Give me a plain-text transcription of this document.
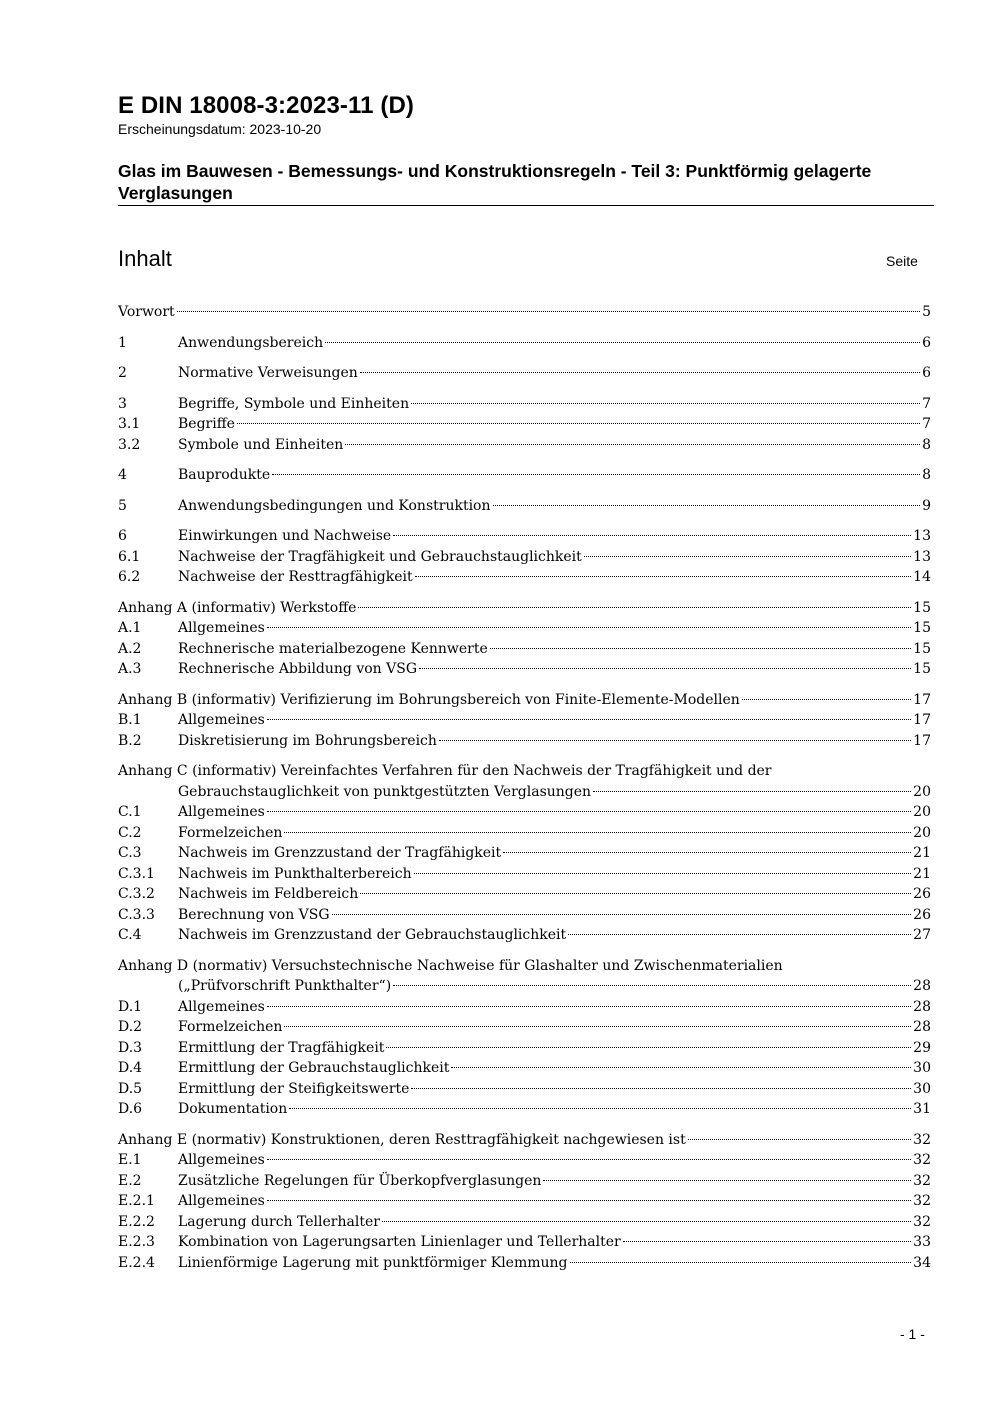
E DIN 18008-3:2023-11 (D)
Erscheinungsdatum: 2023-10-20
Glas im Bauwesen - Bemessungs- und Konstruktionsregeln - Teil 3: Punktförmig gelagerte Verglasungen
Inhalt	Seite
Vorwort	5
1	Anwendungsbereich	6
2	Normative Verweisungen	6
3	Begriffe, Symbole und Einheiten	7
3.1	Begriffe	7
3.2	Symbole und Einheiten	8
4	Bauprodukte	8
5	Anwendungsbedingungen und Konstruktion	9
6	Einwirkungen und Nachweise	13
6.1	Nachweise der Tragfähigkeit und Gebrauchstauglichkeit	13
6.2	Nachweise der Resttragfähigkeit	14
Anhang A (informativ) Werkstoffe	15
A.1	Allgemeines	15
A.2	Rechnerische materialbezogene Kennwerte	15
A.3	Rechnerische Abbildung von VSG	15
Anhang B (informativ) Verifizierung im Bohrungsbereich von Finite-Elemente-Modellen	17
B.1	Allgemeines	17
B.2	Diskretisierung im Bohrungsbereich	17
Anhang C (informativ) Vereinfachtes Verfahren für den Nachweis der Tragfähigkeit und der
Gebrauchstauglichkeit von punktgestützten Verglasungen	20
C.1	Allgemeines	20
C.2	Formelzeichen	20
C.3	Nachweis im Grenzzustand der Tragfähigkeit	21
C.3.1	Nachweis im Punkthalterbereich	21
C.3.2	Nachweis im Feldbereich	26
C.3.3	Berechnung von VSG	26
C.4	Nachweis im Grenzzustand der Gebrauchstauglichkeit	27
Anhang D (normativ) Versuchstechnische Nachweise für Glashalter und Zwischenmaterialien
(„Prüfvorschrift Punkthalter“)	28
D.1	Allgemeines	28
D.2	Formelzeichen	28
D.3	Ermittlung der Tragfähigkeit	29
D.4	Ermittlung der Gebrauchstauglichkeit	30
D.5	Ermittlung der Steifigkeitswerte	30
D.6	Dokumentation	31
Anhang E (normativ) Konstruktionen, deren Resttragfähigkeit nachgewiesen ist	32
E.1	Allgemeines	32
E.2	Zusätzliche Regelungen für Überkopfverglasungen	32
E.2.1	Allgemeines	32
E.2.2	Lagerung durch Tellerhalter	32
E.2.3	Kombination von Lagerungsarten Linienlager und Tellerhalter	33
E.2.4	Linienförmige Lagerung mit punktförmiger Klemmung	34
- 1 -
